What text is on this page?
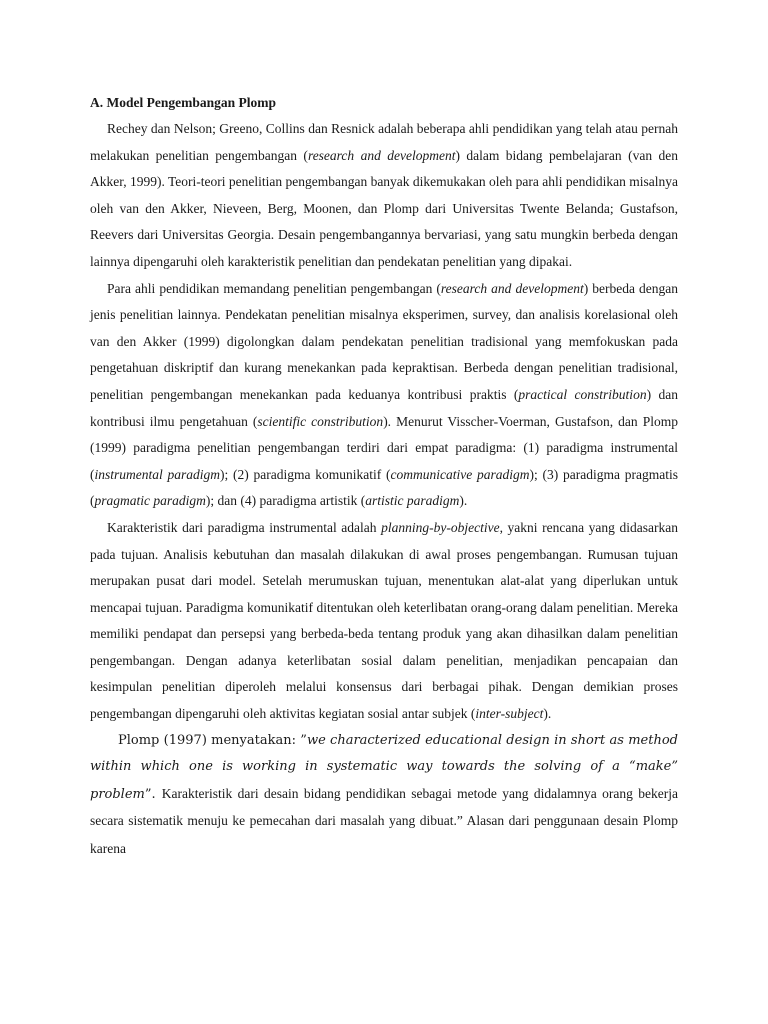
A. Model Pengembangan Plomp

Rechey dan Nelson; Greeno, Collins dan Resnick adalah beberapa ahli pendidikan yang telah atau pernah melakukan penelitian pengembangan (research and development) dalam bidang pembelajaran (van den Akker, 1999). Teori-teori penelitian pengembangan banyak dikemukakan oleh para ahli pendidikan misalnya oleh van den Akker, Nieveen, Berg, Moonen, dan Plomp dari Universitas Twente Belanda; Gustafson, Reevers dari Universitas Georgia. Desain pengembangannya bervariasi, yang satu mungkin berbeda dengan lainnya dipengaruhi oleh karakteristik penelitian dan pendekatan penelitian yang dipakai.

Para ahli pendidikan memandang penelitian pengembangan (research and development) berbeda dengan jenis penelitian lainnya. Pendekatan penelitian misalnya eksperimen, survey, dan analisis korelasional oleh van den Akker (1999) digolongkan dalam pendekatan penelitian tradisional yang memfokuskan pada pengetahuan diskriptif dan kurang menekankan pada kepraktisan. Berbeda dengan penelitian tradisional, penelitian pengembangan menekankan pada keduanya kontribusi praktis (practical constribution) dan kontribusi ilmu pengetahuan (scientific constribution). Menurut Visscher-Voerman, Gustafson, dan Plomp (1999) paradigma penelitian pengembangan terdiri dari empat paradigma: (1) paradigma instrumental (instrumental paradigm); (2) paradigma komunikatif (communicative paradigm); (3) paradigma pragmatis (pragmatic paradigm); dan (4) paradigma artistik (artistic paradigm).

Karakteristik dari paradigma instrumental adalah planning-by-objective, yakni rencana yang didasarkan pada tujuan. Analisis kebutuhan dan masalah dilakukan di awal proses pengembangan. Rumusan tujuan merupakan pusat dari model. Setelah merumuskan tujuan, menentukan alat-alat yang diperlukan untuk mencapai tujuan. Paradigma komunikatif ditentukan oleh keterlibatan orang-orang dalam penelitian. Mereka memiliki pendapat dan persepsi yang berbeda-beda tentang produk yang akan dihasilkan dalam penelitian pengembangan. Dengan adanya keterlibatan sosial dalam penelitian, menjadikan pencapaian dan kesimpulan penelitian diperoleh melalui konsensus dari berbagai pihak. Dengan demikian proses pengembangan dipengaruhi oleh aktivitas kegiatan sosial antar subjek (inter-subject).

Plomp (1997) menyatakan: ”we characterized educational design in short as method within which one is working in systematic way towards the solving of a “make” problem”. Karakteristik dari desain bidang pendidikan sebagai metode yang didalamnya orang bekerja secara sistematik menuju ke pemecahan dari masalah yang dibuat.” Alasan dari penggunaan desain Plomp karena
